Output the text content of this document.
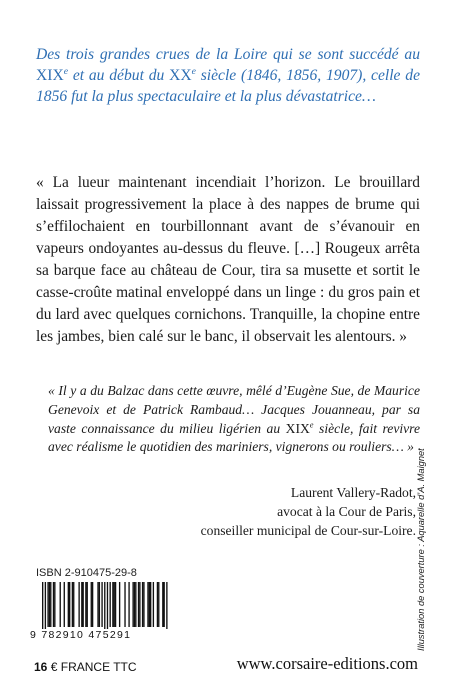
Des trois grandes crues de la Loire qui se sont succédé au XIXe et au début du XXe siècle (1846, 1856, 1907), celle de 1856 fut la plus spectaculaire et la plus dévastatrice…

« La lueur maintenant incendiait l’horizon. Le brouillard laissait progressivement la place à des nappes de brume qui s’effilochaient en tourbillonnant avant de s’évanouir en vapeurs ondoyantes au-dessus du fleuve. […] Rougeux arrêta sa barque face au château de Cour, tira sa musette et sortit le casse-croûte matinal enveloppé dans un linge : du gros pain et du lard avec quelques cornichons. Tranquille, la chopine entre les jambes, bien calé sur le banc, il observait les alentours. »

« Il y a du Balzac dans cette œuvre, mêlé d’Eugène Sue, de Maurice Genevoix et de Patrick Rambaud… Jacques Jouanneau, par sa vaste connaissance du milieu ligérien au XIXe siècle, fait revivre avec réalisme le quotidien des mariniers, vignerons ou rouliers… »

Laurent Vallery-Radot,
avocat à la Cour de Paris,
conseiller municipal de Cour-sur-Loire. Illustration de couverture : Aquarelle d’A. Maignet
ISBN 2-910475-29-8
9 782910 475291
16 € FRANCE TTC	www.corsaire-editions.com
